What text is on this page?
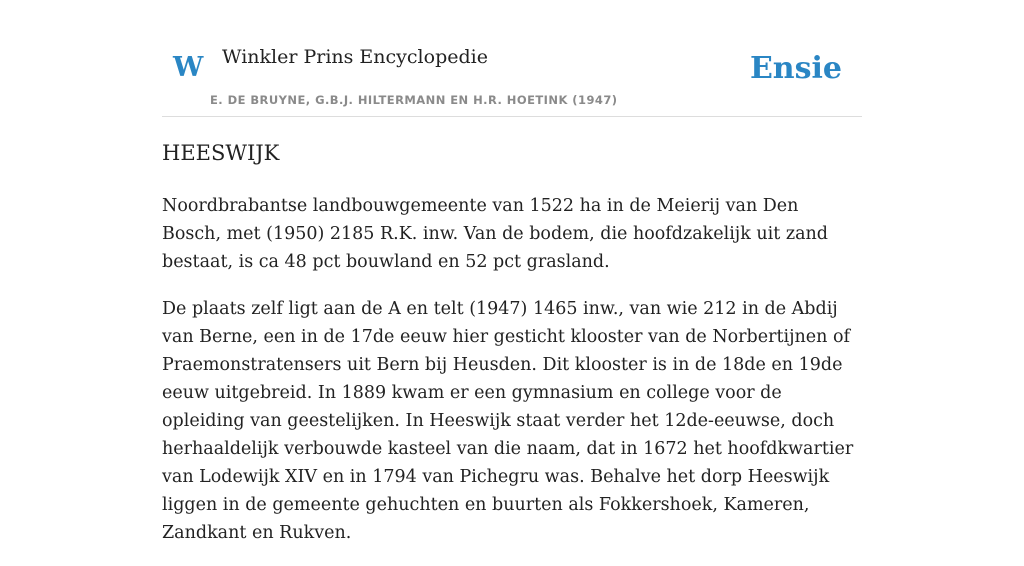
W Winkler Prins Encyclopedie
E. DE BRUYNE, G.B.J. HILTERMANN EN H.R. HOETINK (1947)
Ensie
HEESWIJK

Noordbrabantse landbouwgemeente van 1522 ha in de Meierij van Den Bosch, met (1950) 2185 R.K. inw. Van de bodem, die hoofdzakelijk uit zand bestaat, is ca 48 pct bouwland en 52 pct grasland.

De plaats zelf ligt aan de A en telt (1947) 1465 inw., van wie 212 in de Abdij van Berne, een in de 17de eeuw hier gesticht klooster van de Norbertijnen of Praemonstratensers uit Bern bij Heusden. Dit klooster is in de 18de en 19de eeuw uitgebreid. In 1889 kwam er een gymnasium en college voor de opleiding van geestelijken. In Heeswijk staat verder het 12de-eeuwse, doch herhaaldelijk verbouwde kasteel van die naam, dat in 1672 het hoofdkwartier van Lodewijk XIV en in 1794 van Pichegru was. Behalve het dorp Heeswijk liggen in de gemeente gehuchten en buurten als Fokkershoek, Kameren, Zandkant en Rukven.
